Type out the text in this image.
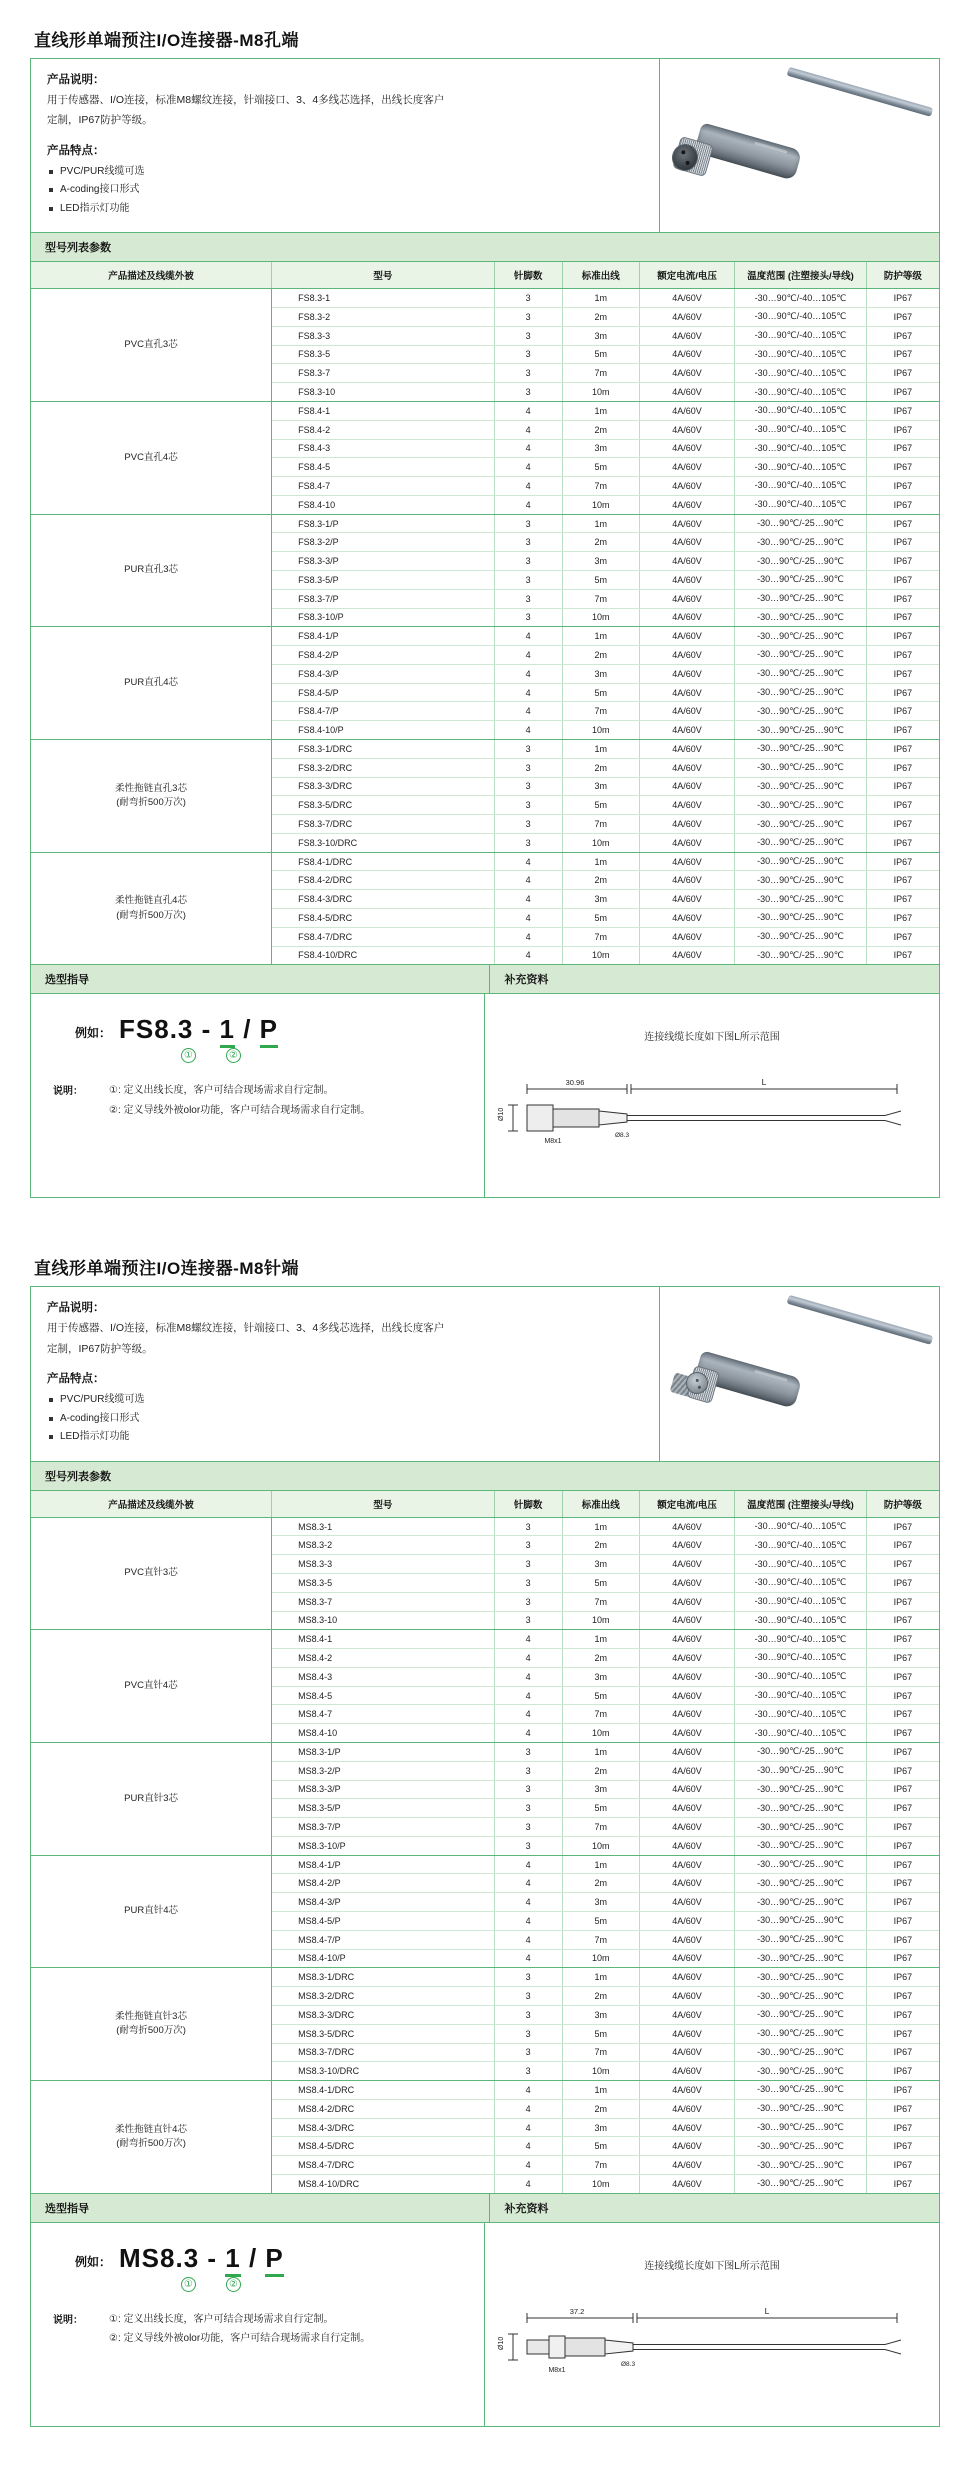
直线形单端预注I/O连接器-M8孔端
产品说明：
用于传感器、I/O连接，标准M8螺纹连接，针端接口、3、4多线芯选择，出线长度客户
定制，IP67防护等级。
产品特点：
PVC/PUR线缆可选
A-coding接口形式
LED指示灯功能
型号列表参数
产品描述及线缆外被	型号	针脚数	标准出线	额定电流/电压	温度范围 (注塑接头/导线)	防护等级
PVC直孔3芯	FS8.3-1	3	1m	4A/60V	-30…90℃/-40…105℃	IP67
	FS8.3-2	3	2m	4A/60V	-30…90℃/-40…105℃	IP67
	FS8.3-3	3	3m	4A/60V	-30…90℃/-40…105℃	IP67
	FS8.3-5	3	5m	4A/60V	-30…90℃/-40…105℃	IP67
	FS8.3-7	3	7m	4A/60V	-30…90℃/-40…105℃	IP67
	FS8.3-10	3	10m	4A/60V	-30…90℃/-40…105℃	IP67
PVC直孔4芯	FS8.4-1	4	1m	4A/60V	-30…90℃/-40…105℃	IP67
	FS8.4-2	4	2m	4A/60V	-30…90℃/-40…105℃	IP67
	FS8.4-3	4	3m	4A/60V	-30…90℃/-40…105℃	IP67
	FS8.4-5	4	5m	4A/60V	-30…90℃/-40…105℃	IP67
	FS8.4-7	4	7m	4A/60V	-30…90℃/-40…105℃	IP67
	FS8.4-10	4	10m	4A/60V	-30…90℃/-40…105℃	IP67
PUR直孔3芯	FS8.3-1/P	3	1m	4A/60V	-30…90℃/-25…90℃	IP67
	FS8.3-2/P	3	2m	4A/60V	-30…90℃/-25…90℃	IP67
	FS8.3-3/P	3	3m	4A/60V	-30…90℃/-25…90℃	IP67
	FS8.3-5/P	3	5m	4A/60V	-30…90℃/-25…90℃	IP67
	FS8.3-7/P	3	7m	4A/60V	-30…90℃/-25…90℃	IP67
	FS8.3-10/P	3	10m	4A/60V	-30…90℃/-25…90℃	IP67
PUR直孔4芯	FS8.4-1/P	4	1m	4A/60V	-30…90℃/-25…90℃	IP67
	FS8.4-2/P	4	2m	4A/60V	-30…90℃/-25…90℃	IP67
	FS8.4-3/P	4	3m	4A/60V	-30…90℃/-25…90℃	IP67
	FS8.4-5/P	4	5m	4A/60V	-30…90℃/-25…90℃	IP67
	FS8.4-7/P	4	7m	4A/60V	-30…90℃/-25…90℃	IP67
	FS8.4-10/P	4	10m	4A/60V	-30…90℃/-25…90℃	IP67
柔性拖链直孔3芯
(耐弯折500万次)	FS8.3-1/DRC	3	1m	4A/60V	-30…90℃/-25…90℃	IP67
	FS8.3-2/DRC	3	2m	4A/60V	-30…90℃/-25…90℃	IP67
	FS8.3-3/DRC	3	3m	4A/60V	-30…90℃/-25…90℃	IP67
	FS8.3-5/DRC	3	5m	4A/60V	-30…90℃/-25…90℃	IP67
	FS8.3-7/DRC	3	7m	4A/60V	-30…90℃/-25…90℃	IP67
	FS8.3-10/DRC	3	10m	4A/60V	-30…90℃/-25…90℃	IP67
柔性拖链直孔4芯
(耐弯折500万次)	FS8.4-1/DRC	4	1m	4A/60V	-30…90℃/-25…90℃	IP67
	FS8.4-2/DRC	4	2m	4A/60V	-30…90℃/-25…90℃	IP67
	FS8.4-3/DRC	4	3m	4A/60V	-30…90℃/-25…90℃	IP67
	FS8.4-5/DRC	4	5m	4A/60V	-30…90℃/-25…90℃	IP67
	FS8.4-7/DRC	4	7m	4A/60V	-30…90℃/-25…90℃	IP67
	FS8.4-10/DRC	4	10m	4A/60V	-30…90℃/-25…90℃	IP67
选型指导	补充资料
例如： FS8.3 - 1 / P
①	②
说明：	①: 定义出线长度，客户可结合现场需求自行定制。
②: 定义导线外被olor功能，客户可结合现场需求自行定制。
连接线缆长度如下图L所示范围
30.96	L
Ø10
M8x1
Ø8.3
直线形单端预注I/O连接器-M8针端
产品说明：
用于传感器、I/O连接，标准M8螺纹连接，针端接口、3、4多线芯选择，出线长度客户
定制，IP67防护等级。
产品特点：
PVC/PUR线缆可选
A-coding接口形式
LED指示灯功能
型号列表参数
产品描述及线缆外被	型号	针脚数	标准出线	额定电流/电压	温度范围 (注塑接头/导线)	防护等级
PVC直针3芯	MS8.3-1	3	1m	4A/60V	-30…90℃/-40…105℃	IP67
	MS8.3-2	3	2m	4A/60V	-30…90℃/-40…105℃	IP67
	MS8.3-3	3	3m	4A/60V	-30…90℃/-40…105℃	IP67
	MS8.3-5	3	5m	4A/60V	-30…90℃/-40…105℃	IP67
	MS8.3-7	3	7m	4A/60V	-30…90℃/-40…105℃	IP67
	MS8.3-10	3	10m	4A/60V	-30…90℃/-40…105℃	IP67
PVC直针4芯	MS8.4-1	4	1m	4A/60V	-30…90℃/-40…105℃	IP67
	MS8.4-2	4	2m	4A/60V	-30…90℃/-40…105℃	IP67
	MS8.4-3	4	3m	4A/60V	-30…90℃/-40…105℃	IP67
	MS8.4-5	4	5m	4A/60V	-30…90℃/-40…105℃	IP67
	MS8.4-7	4	7m	4A/60V	-30…90℃/-40…105℃	IP67
	MS8.4-10	4	10m	4A/60V	-30…90℃/-40…105℃	IP67
PUR直针3芯	MS8.3-1/P	3	1m	4A/60V	-30…90℃/-25…90℃	IP67
	MS8.3-2/P	3	2m	4A/60V	-30…90℃/-25…90℃	IP67
	MS8.3-3/P	3	3m	4A/60V	-30…90℃/-25…90℃	IP67
	MS8.3-5/P	3	5m	4A/60V	-30…90℃/-25…90℃	IP67
	MS8.3-7/P	3	7m	4A/60V	-30…90℃/-25…90℃	IP67
	MS8.3-10/P	3	10m	4A/60V	-30…90℃/-25…90℃	IP67
PUR直针4芯	MS8.4-1/P	4	1m	4A/60V	-30…90℃/-25…90℃	IP67
	MS8.4-2/P	4	2m	4A/60V	-30…90℃/-25…90℃	IP67
	MS8.4-3/P	4	3m	4A/60V	-30…90℃/-25…90℃	IP67
	MS8.4-5/P	4	5m	4A/60V	-30…90℃/-25…90℃	IP67
	MS8.4-7/P	4	7m	4A/60V	-30…90℃/-25…90℃	IP67
	MS8.4-10/P	4	10m	4A/60V	-30…90℃/-25…90℃	IP67
柔性拖链直针3芯
(耐弯折500万次)	MS8.3-1/DRC	3	1m	4A/60V	-30…90℃/-25…90℃	IP67
	MS8.3-2/DRC	3	2m	4A/60V	-30…90℃/-25…90℃	IP67
	MS8.3-3/DRC	3	3m	4A/60V	-30…90℃/-25…90℃	IP67
	MS8.3-5/DRC	3	5m	4A/60V	-30…90℃/-25…90℃	IP67
	MS8.3-7/DRC	3	7m	4A/60V	-30…90℃/-25…90℃	IP67
	MS8.3-10/DRC	3	10m	4A/60V	-30…90℃/-25…90℃	IP67
柔性拖链直针4芯
(耐弯折500万次)	MS8.4-1/DRC	4	1m	4A/60V	-30…90℃/-25…90℃	IP67
	MS8.4-2/DRC	4	2m	4A/60V	-30…90℃/-25…90℃	IP67
	MS8.4-3/DRC	4	3m	4A/60V	-30…90℃/-25…90℃	IP67
	MS8.4-5/DRC	4	5m	4A/60V	-30…90℃/-25…90℃	IP67
	MS8.4-7/DRC	4	7m	4A/60V	-30…90℃/-25…90℃	IP67
	MS8.4-10/DRC	4	10m	4A/60V	-30…90℃/-25…90℃	IP67
选型指导	补充资料
例如： MS8.3 - 1 / P
①	②
说明：	①: 定义出线长度，客户可结合现场需求自行定制。
②: 定义导线外被olor功能，客户可结合现场需求自行定制。
连接线缆长度如下图L所示范围
37.2	L
Ø10
M8x1
Ø8.3
